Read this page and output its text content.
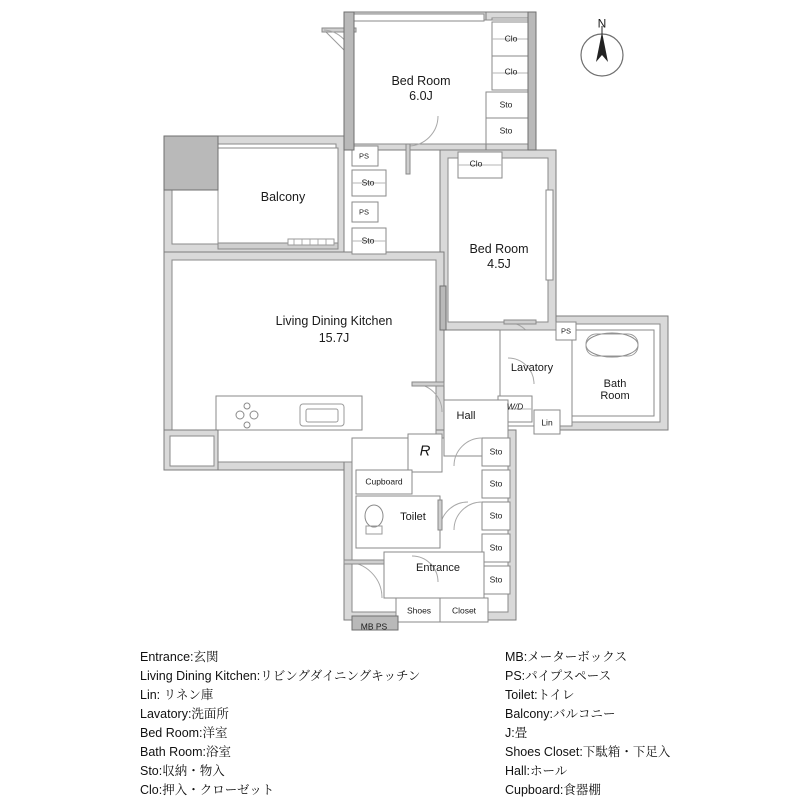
Bed Room
6.0J
Bed Room
4.5J
Living Dining Kitchen
15.7J
Balcony
Lavatory
Bath
Room
Hall
Toilet
Entrance
Clo
Clo
Sto
Sto
Clo
PS
Sto
PS
Sto
PS
W/D
Lin
R
Cupboard
Sto
Sto
Sto
Sto
Sto
Shoes Closet
MB PS
N
Entrance:玄関
Living Dining Kitchen:リビングダイニングキッチン
Lin: リネン庫
Lavatory:洗面所
Bed Room:洋室
Bath Room:浴室
Sto:収納・物入
Clo:押入・クローゼット
MB:メーターボックス
PS:パイプスペース
Toilet:トイレ
Balcony:バルコニー
J:畳
Shoes Closet:下駄箱・下足入
Hall:ホール
Cupboard:食器棚
